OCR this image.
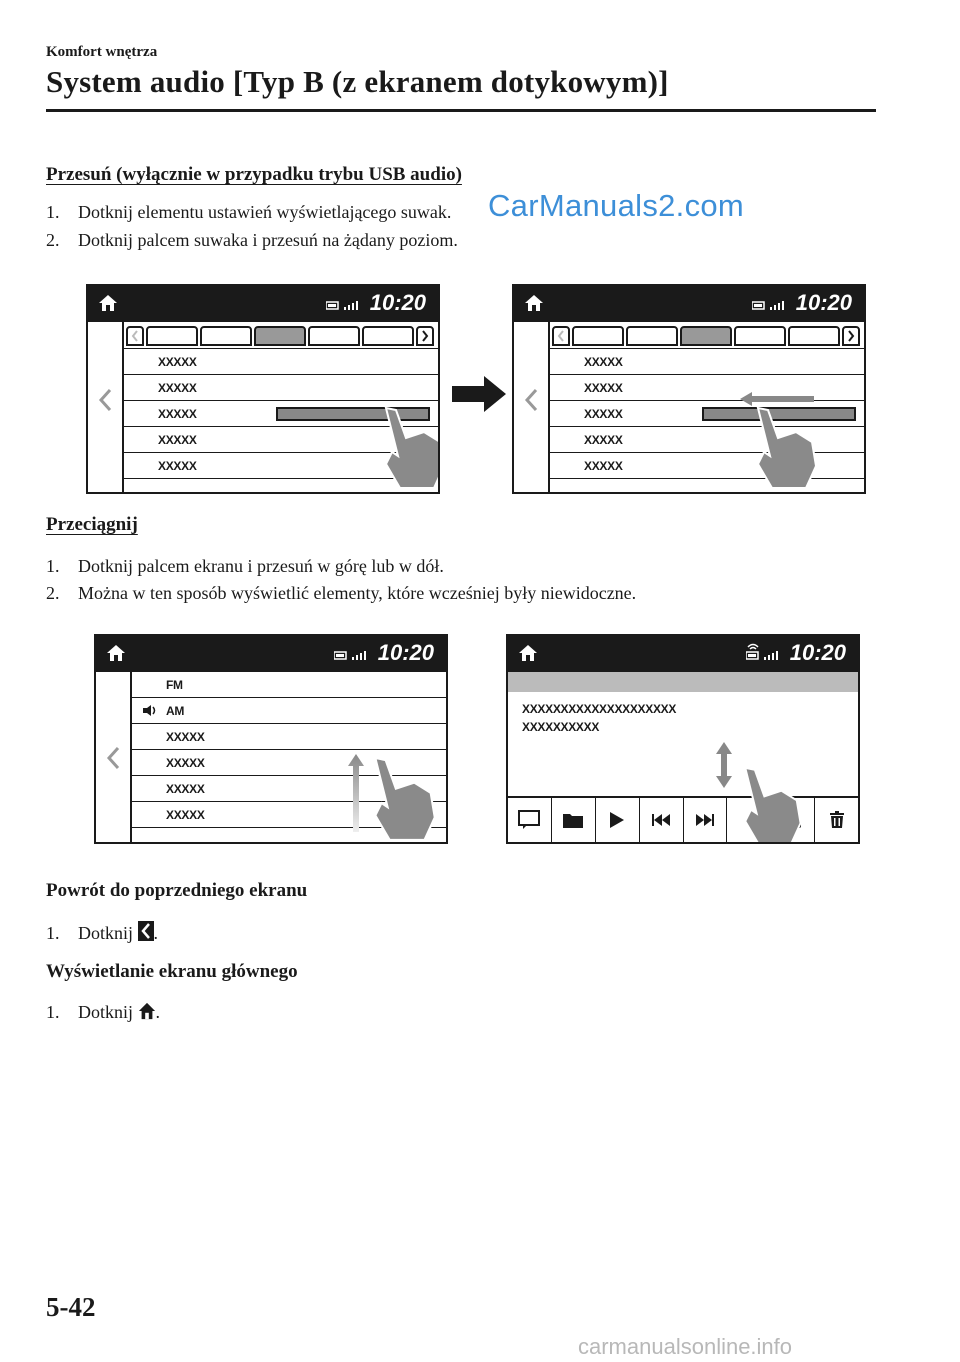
Komfort wnętrza
System audio [Typ B (z ekranem dotykowym)]
Przesuń (wyłącznie w przypadku trybu USB audio)
1. Dotknij elementu ustawień wyświetlającego suwak.
2. Dotknij palcem suwaka i przesuń na żądany poziom.
CarManuals2.com
10:20
XXXXX
XXXXX
XXXXX
XXXXX
XXXXX
10:20
XXXXX
XXXXX
XXXXX
XXXXX
XXXXX
Przeciągnij
1. Dotknij palcem ekranu i przesuń w górę lub w dół.
2. Można w ten sposób wyświetlić elementy, które wcześniej były niewidoczne.
10:20
FM
AM
XXXXX
XXXXX
XXXXX
XXXXX
10:20
XXXXXXXXXXXXXXXXXXXX
XXXXXXXXXX
Powrót do poprzedniego ekranu
1. Dotknij .
Wyświetlanie ekranu głównego
1. Dotknij .
5-42
carmanualsonline.info
